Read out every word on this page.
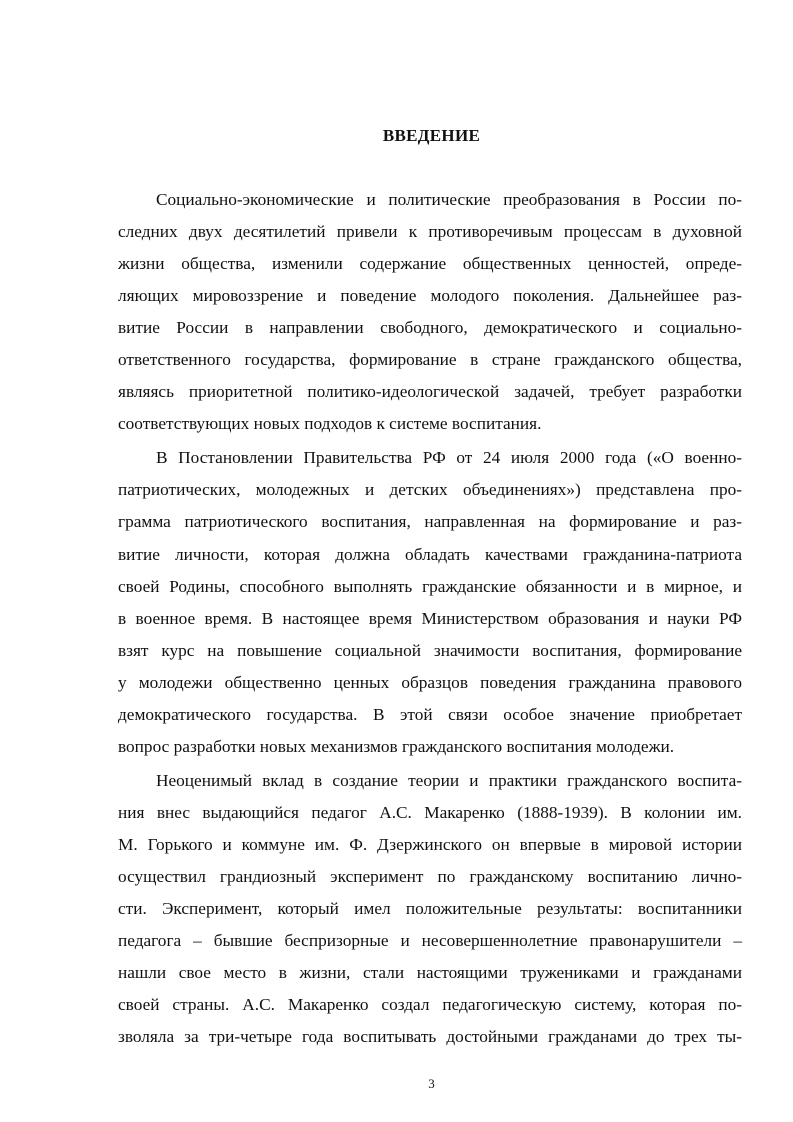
ВВЕДЕНИЕ
Социально-экономические и политические преобразования в России по-
следних двух десятилетий привели к противоречивым процессам в духовной
жизни общества, изменили содержание общественных ценностей, опреде-
ляющих мировоззрение и поведение молодого поколения. Дальнейшее раз-
витие России в направлении свободного, демократического и социально-
ответственного государства, формирование в стране гражданского общества,
являясь приоритетной политико-идеологической задачей, требует разработки
соответствующих новых подходов к системе воспитания.
В Постановлении Правительства РФ от 24 июля 2000 года («О военно-
патриотических, молодежных и детских объединениях») представлена про-
грамма патриотического воспитания, направленная на формирование и раз-
витие личности, которая должна обладать качествами гражданина-патриота
своей Родины, способного выполнять гражданские обязанности и в мирное, и
в военное время. В настоящее время Министерством образования и науки РФ
взят курс на повышение социальной значимости воспитания, формирование
у молодежи общественно ценных образцов поведения гражданина правового
демократического государства. В этой связи особое значение приобретает
вопрос разработки новых механизмов гражданского воспитания молодежи.
Неоценимый вклад в создание теории и практики гражданского воспита-
ния внес выдающийся педагог А.С. Макаренко (1888-1939). В колонии им.
М. Горького и коммуне им. Ф. Дзержинского он впервые в мировой истории
осуществил грандиозный эксперимент по гражданскому воспитанию лично-
сти. Эксперимент, который имел положительные результаты: воспитанники
педагога – бывшие беспризорные и несовершеннолетние правонарушители –
нашли свое место в жизни, стали настоящими тружениками и гражданами
своей страны. А.С. Макаренко создал педагогическую систему, которая по-
зволяла за три-четыре года воспитывать достойными гражданами до трех ты-
3
